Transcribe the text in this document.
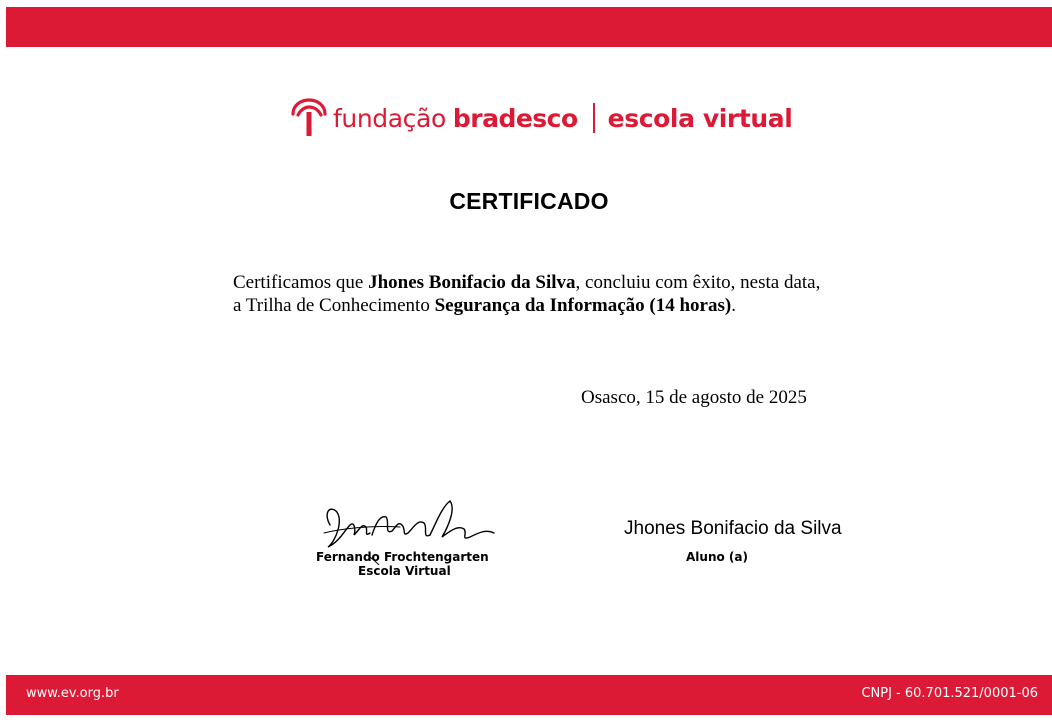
fundação bradesco escola virtual
CERTIFICADO
Certificamos que Jhones Bonifacio da Silva, concluiu com êxito, nesta data,
a Trilha de Conhecimento Segurança da Informação (14 horas).
Osasco, 15 de agosto de 2025
Fernando Frochtengarten
Escola Virtual
Jhones Bonifacio da Silva
Aluno (a)
www.ev.org.br	CNPJ - 60.701.521/0001-06
